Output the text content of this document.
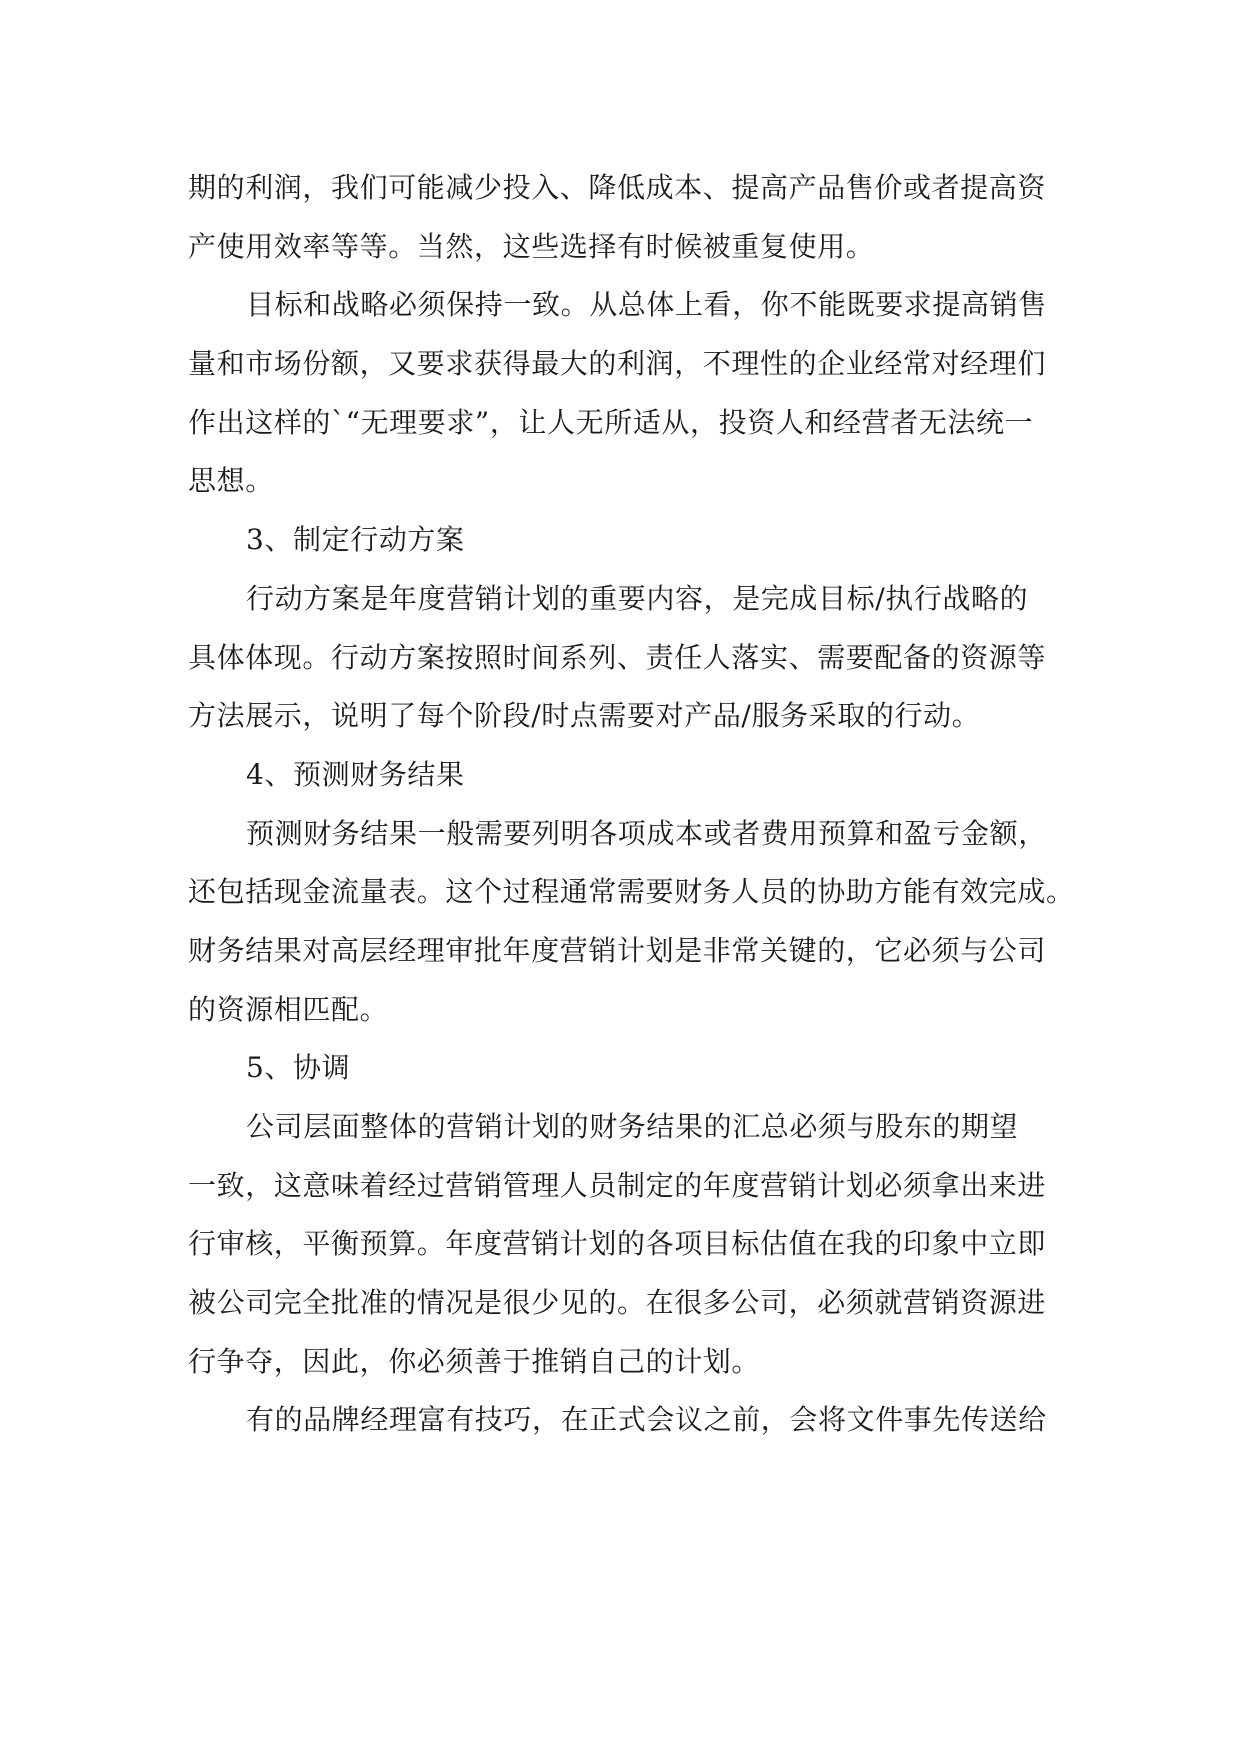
期的利润，我们可能减少投入、降低成本、提高产品售价或者提高资
产使用效率等等。当然，这些选择有时候被重复使用。
目标和战略必须保持一致。从总体上看，你不能既要求提高销售
量和市场份额，又要求获得最大的利润，不理性的企业经常对经理们
作出这样的`“无理要求”，让人无所适从，投资人和经营者无法统一
思想。
3、制定行动方案
行动方案是年度营销计划的重要内容，是完成目标/执行战略的
具体体现。行动方案按照时间系列、责任人落实、需要配备的资源等
方法展示，说明了每个阶段/时点需要对产品/服务采取的行动。
4、预测财务结果
预测财务结果一般需要列明各项成本或者费用预算和盈亏金额，
还包括现金流量表。这个过程通常需要财务人员的协助方能有效完成。
财务结果对高层经理审批年度营销计划是非常关键的，它必须与公司
的资源相匹配。
5、协调
公司层面整体的营销计划的财务结果的汇总必须与股东的期望
一致，这意味着经过营销管理人员制定的年度营销计划必须拿出来进
行审核，平衡预算。年度营销计划的各项目标估值在我的印象中立即
被公司完全批准的情况是很少见的。在很多公司，必须就营销资源进
行争夺，因此，你必须善于推销自己的计划。
有的品牌经理富有技巧，在正式会议之前，会将文件事先传送给
